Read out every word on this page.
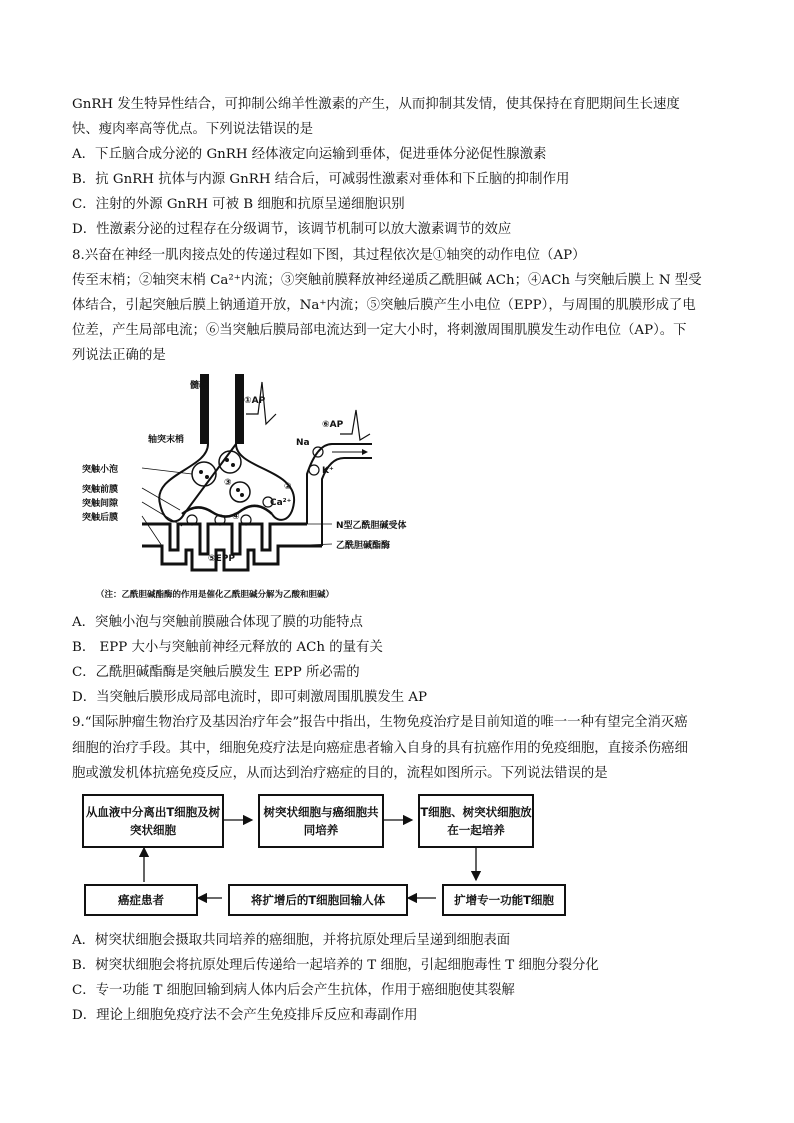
GnRH 发生特异性结合，可抑制公绵羊性激素的产生，从而抑制其发情，使其保持在育肥期间生长速度
快、瘦肉率高等优点。下列说法错误的是
A．下丘脑合成分泌的 GnRH 经体液定向运输到垂体，促进垂体分泌促性腺激素
B．抗 GnRH 抗体与内源 GnRH 结合后，可减弱性激素对垂体和下丘脑的抑制作用
C．注射的外源 GnRH 可被 B 细胞和抗原呈递细胞识别
D．性激素分泌的过程存在分级调节，该调节机制可以放大激素调节的效应
8.兴奋在神经一肌肉接点处的传递过程如下图，其过程依次是①轴突的动作电位（AP）
传至末梢；②轴突末梢 Ca²⁺内流；③突触前膜释放神经递质乙酰胆碱 ACh；④ACh 与突触后膜上 N 型受
体结合，引起突触后膜上钠通道开放，Na⁺内流；⑤突触后膜产生小电位（EPP），与周围的肌膜形成了电
位差，产生局部电流；⑥当突触后膜局部电流达到一定大小时，将刺激周围肌膜发生动作电位（AP）。下
列说法正确的是
髓鞘
①AP
轴突末梢
⑥AP
Na
K⁺
突触小泡
突触前膜
突触间隙
突触后膜
②
Ca²⁺
③
④
N型乙酰胆碱受体
乙酰胆碱酯酶
⑤EPP
（注：乙酰胆碱酯酶的作用是催化乙酰胆碱分解为乙酸和胆碱）
A．突触小泡与突触前膜融合体现了膜的功能特点
B． EPP 大小与突触前神经元释放的 ACh 的量有关
C．乙酰胆碱酯酶是突触后膜发生 EPP 所必需的
D．当突触后膜形成局部电流时，即可刺激周围肌膜发生 AP
9.“国际肿瘤生物治疗及基因治疗年会”报告中指出，生物免疫治疗是目前知道的唯一一种有望完全消灭癌
细胞的治疗手段。其中，细胞免疫疗法是向癌症患者输入自身的具有抗癌作用的免疫细胞，直接杀伤癌细
胞或激发机体抗癌免疫反应，从而达到治疗癌症的目的，流程如图所示。下列说法错误的是
从血液中分离出T细胞及树突状细胞
树突状细胞与癌细胞共同培养
T细胞、树突状细胞放在一起培养
扩增专一功能T细胞
将扩增后的T细胞回输人体
癌症患者
A．树突状细胞会摄取共同培养的癌细胞，并将抗原处理后呈递到细胞表面
B．树突状细胞会将抗原处理后传递给一起培养的 T 细胞，引起细胞毒性 T 细胞分裂分化
C．专一功能 T 细胞回输到病人体内后会产生抗体，作用于癌细胞使其裂解
D．理论上细胞免疫疗法不会产生免疫排斥反应和毒副作用
